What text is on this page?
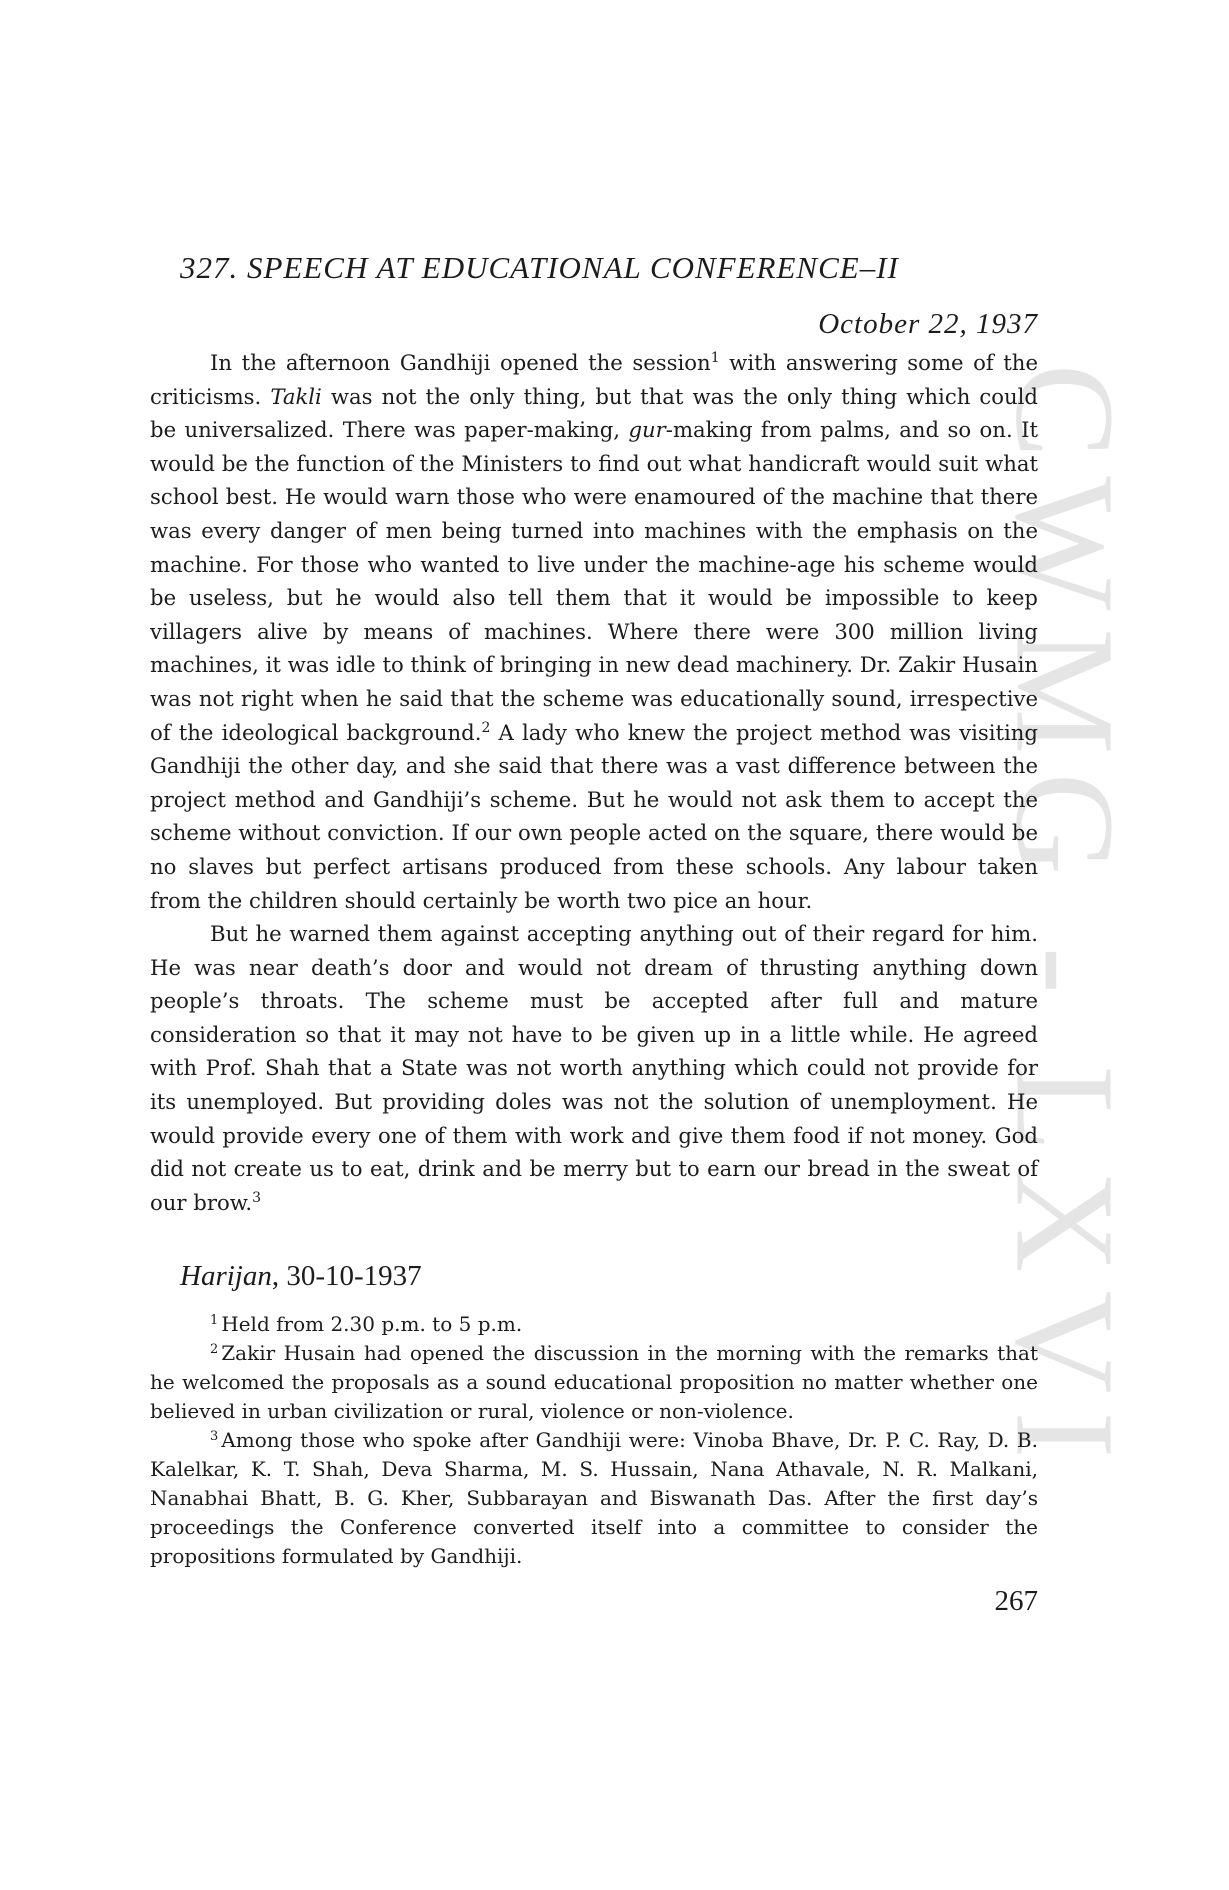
CWMG - LXVI
327. SPEECH AT EDUCATIONAL CONFERENCE–II

October 22, 1937

In the afternoon Gandhiji opened the session$^1$ with answering some of the criticisms. Takli was not the only thing, but that was the only thing which could be universalized. There was paper-making, gur-making from palms, and so on. It would be the function of the Ministers to find out what handicraft would suit what school best. He would warn those who were enamoured of the machine that there was every danger of men being turned into machines with the emphasis on the machine. For those who wanted to live under the machine-age his scheme would be useless, but he would also tell them that it would be impossible to keep villagers alive by means of machines. Where there were 300 million living machines, it was idle to think of bringing in new dead machinery. Dr. Zakir Husain was not right when he said that the scheme was educationally sound, irrespective of the ideological background.$^2$ A lady who knew the project method was visiting Gandhiji the other day, and she said that there was a vast difference between the project method and Gandhiji’s scheme. But he would not ask them to accept the scheme without conviction. If our own people acted on the square, there would be no slaves but perfect artisans produced from these schools. Any labour taken from the children should certainly be worth two pice an hour.

But he warned them against accepting anything out of their regard for him. He was near death’s door and would not dream of thrusting anything down people’s throats. The scheme must be accepted after full and mature consideration so that it may not have to be given up in a little while. He agreed with Prof. Shah that a State was not worth anything which could not provide for its unemployed. But providing doles was not the solution of unemployment. He would provide every one of them with work and give them food if not money. God did not create us to eat, drink and be merry but to earn our bread in the sweat of our brow.$^3$

Harijan, 30-10-1937

$^1$ Held from 2.30 p.m. to 5 p.m.

$^2$ Zakir Husain had opened the discussion in the morning with the remarks that he welcomed the proposals as a sound educational proposition no matter whether one believed in urban civilization or rural, violence or non-violence.

$^3$ Among those who spoke after Gandhiji were: Vinoba Bhave, Dr. P. C. Ray, D. B. Kalelkar, K. T. Shah, Deva Sharma, M. S. Hussain, Nana Athavale, N. R. Malkani, Nanabhai Bhatt, B. G. Kher, Subbarayan and Biswanath Das. After the first day’s proceedings the Conference converted itself into a committee to consider the propositions formulated by Gandhiji.

267
